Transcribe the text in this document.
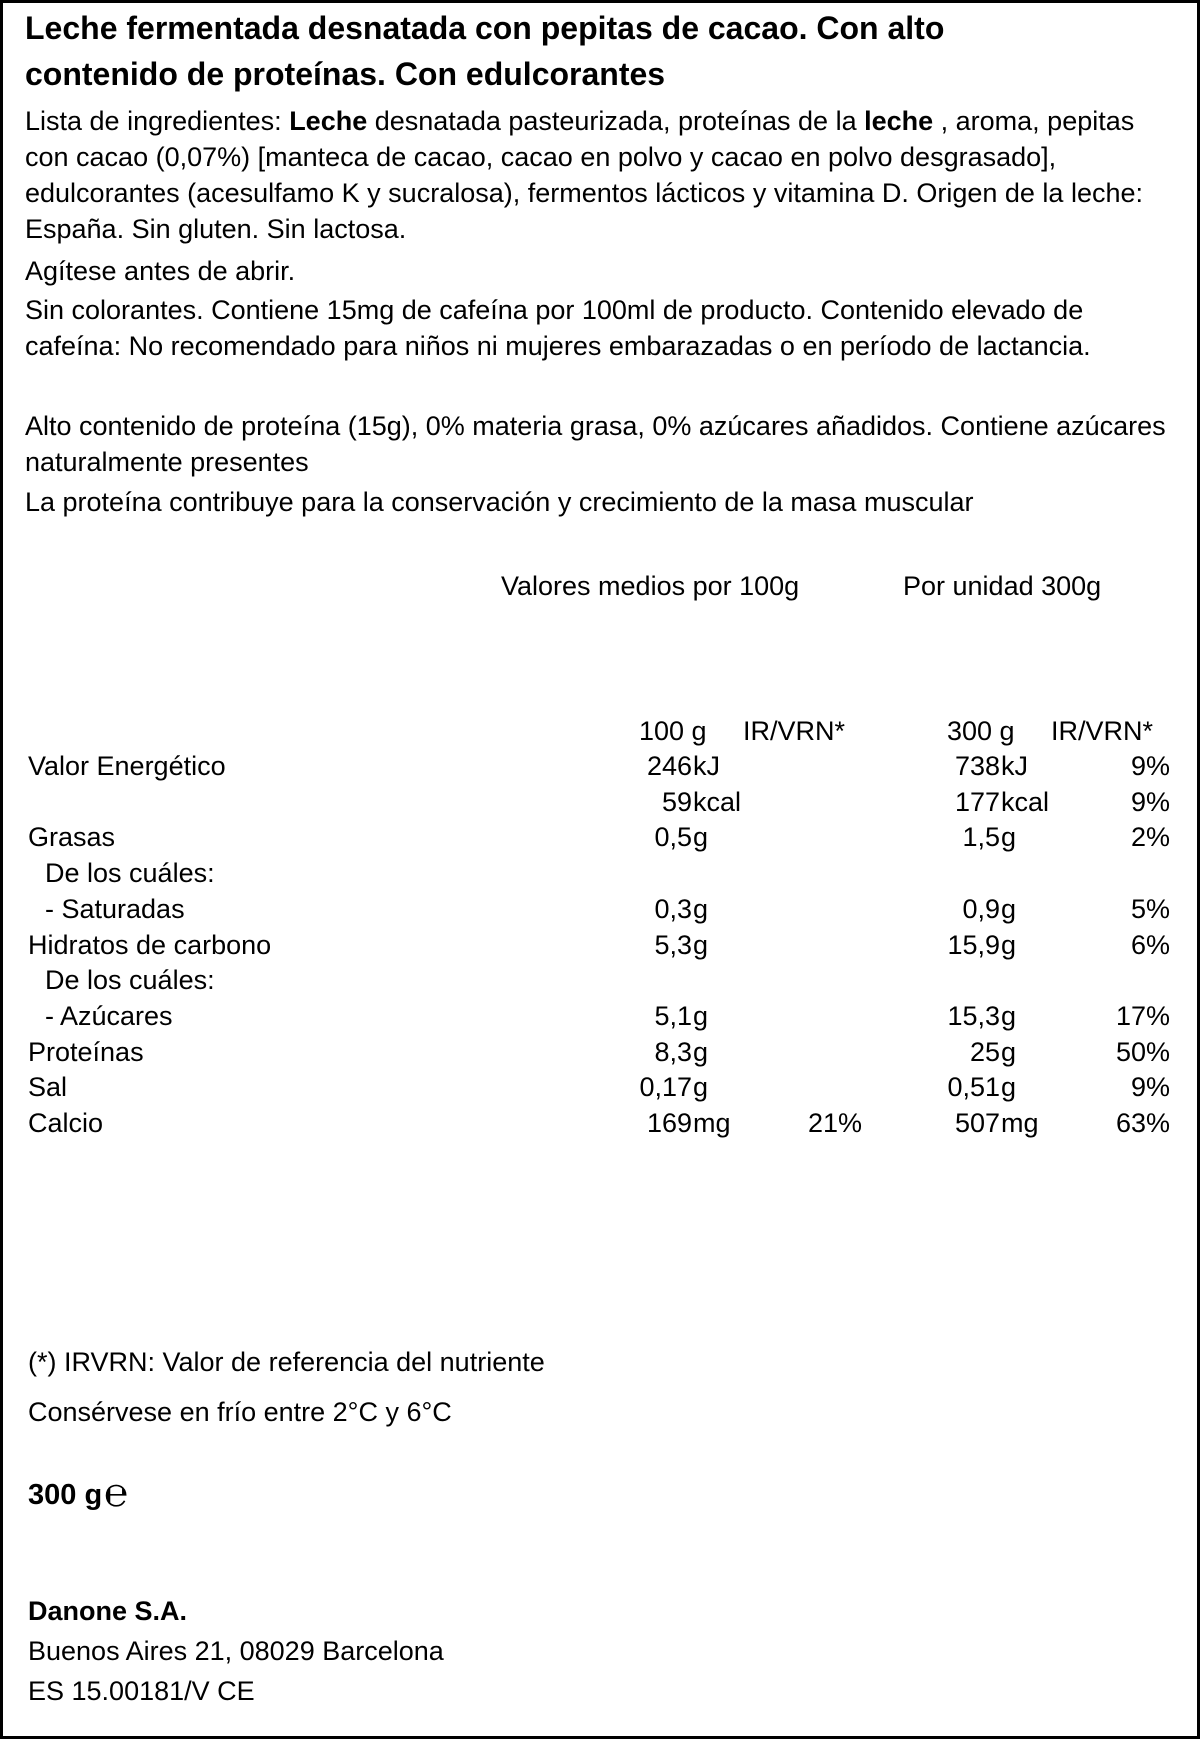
Leche fermentada desnatada con pepitas de cacao. Con alto
contenido de proteínas. Con edulcorantes
Lista de ingredientes: Leche desnatada pasteurizada, proteínas de la leche , aroma, pepitas con cacao (0,07%) [manteca de cacao, cacao en polvo y cacao en polvo desgrasado], edulcorantes (acesulfamo K y sucralosa), fermentos lácticos y vitamina D. Origen de la leche: España. Sin gluten. Sin lactosa.
Agítese antes de abrir.
Sin colorantes. Contiene 15mg de cafeína por 100ml de producto. Contenido elevado de cafeína: No recomendado para niños ni mujeres embarazadas o en período de lactancia.
Alto contenido de proteína (15g), 0% materia grasa, 0% azúcares añadidos. Contiene azúcares naturalmente presentes
La proteína contribuye para la conservación y crecimiento de la masa muscular
Valores medios por 100g	Por unidad 300g
100 g IR/VRN*	300 g IR/VRN*
Valor Energético	246 kJ	738 kJ	9%
59 kcal	177 kcal	9%
Grasas	0,5 g	1,5 g	2%
De los cuáles:
- Saturadas	0,3 g	0,9 g	5%
Hidratos de carbono	5,3 g	15,9 g	6%
De los cuáles:
- Azúcares	5,1 g	15,3 g	17%
Proteínas	8,3 g	25 g	50%
Sal	0,17 g	0,51 g	9%
Calcio	169 mg	21%	507 mg	63%
(*) IRVRN: Valor de referencia del nutriente
Consérvese en frío entre 2°C y 6°C
300 g℮
Danone S.A.
Buenos Aires 21, 08029 Barcelona
ES 15.00181/V CE
